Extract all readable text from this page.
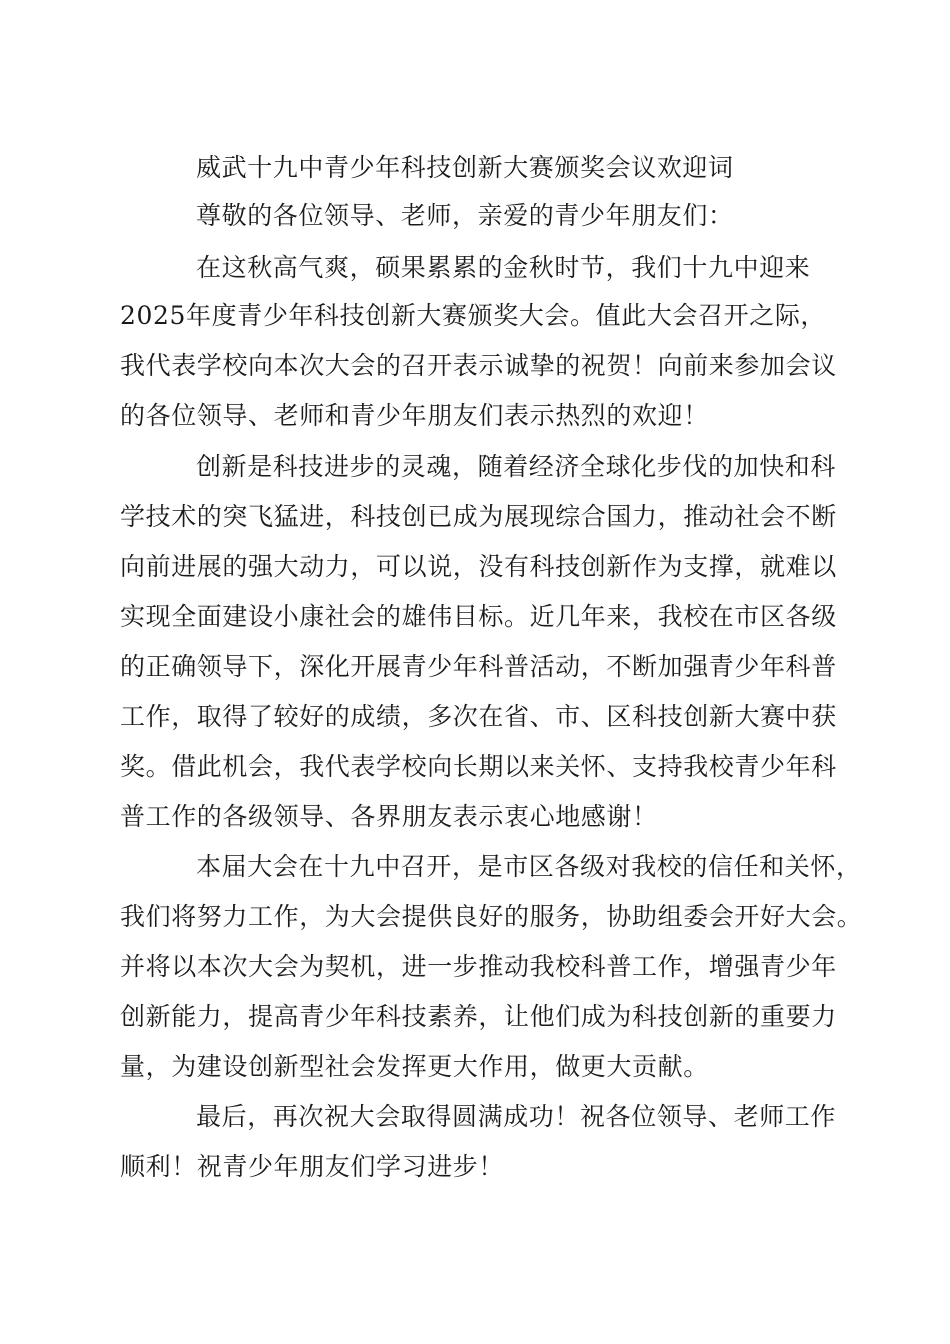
威武十九中青少年科技创新大赛颁奖会议欢迎词
尊敬的各位领导、老师，亲爱的青少年朋友们：
在这秋高气爽，硕果累累的金秋时节，我们十九中迎来
2025年度青少年科技创新大赛颁奖大会。值此大会召开之际，
我代表学校向本次大会的召开表示诚挚的祝贺！向前来参加会议
的各位领导、老师和青少年朋友们表示热烈的欢迎！
创新是科技进步的灵魂，随着经济全球化步伐的加快和科
学技术的突飞猛进，科技创已成为展现综合国力，推动社会不断
向前进展的强大动力，可以说，没有科技创新作为支撑，就难以
实现全面建设小康社会的雄伟目标。近几年来，我校在市区各级
的正确领导下，深化开展青少年科普活动，不断加强青少年科普
工作，取得了较好的成绩，多次在省、市、区科技创新大赛中获
奖。借此机会，我代表学校向长期以来关怀、支持我校青少年科
普工作的各级领导、各界朋友表示衷心地感谢！
本届大会在十九中召开，是市区各级对我校的信任和关怀，
我们将努力工作，为大会提供良好的服务，协助组委会开好大会。
并将以本次大会为契机，进一步推动我校科普工作，增强青少年
创新能力，提高青少年科技素养，让他们成为科技创新的重要力
量，为建设创新型社会发挥更大作用，做更大贡献。
最后，再次祝大会取得圆满成功！祝各位领导、老师工作
顺利！祝青少年朋友们学习进步！
